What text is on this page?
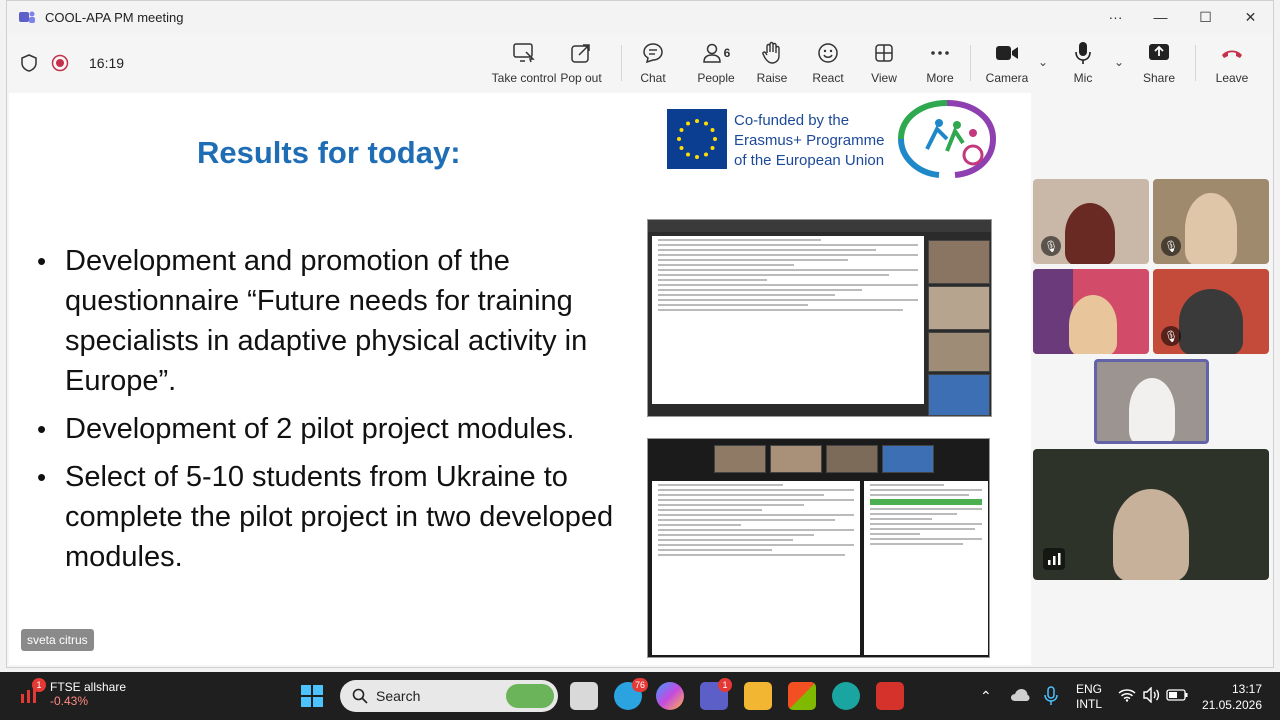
COOL-APA PM meeting	···	—	☐	✕
16:19
Take control Pop out	Chat
6
People Raise React View More	Camera
⌄
Mic
⌄
Share	Leave
Results for today:
Co-funded by the
Erasmus+ Programme
of the European Union
• Development and promotion of the questionnaire “Future needs for training specialists in adaptive physical activity in Europe”.
• Development of 2 pilot project modules.
• Select of 5-10 students from Ukraine to complete the pilot project in two developed modules.
sveta citrus
🎙	🎙
🎙
1 FTSE allshare
-0.43%	Search
76	1
⌃	ENG
INTL
13:17
21.05.2026
